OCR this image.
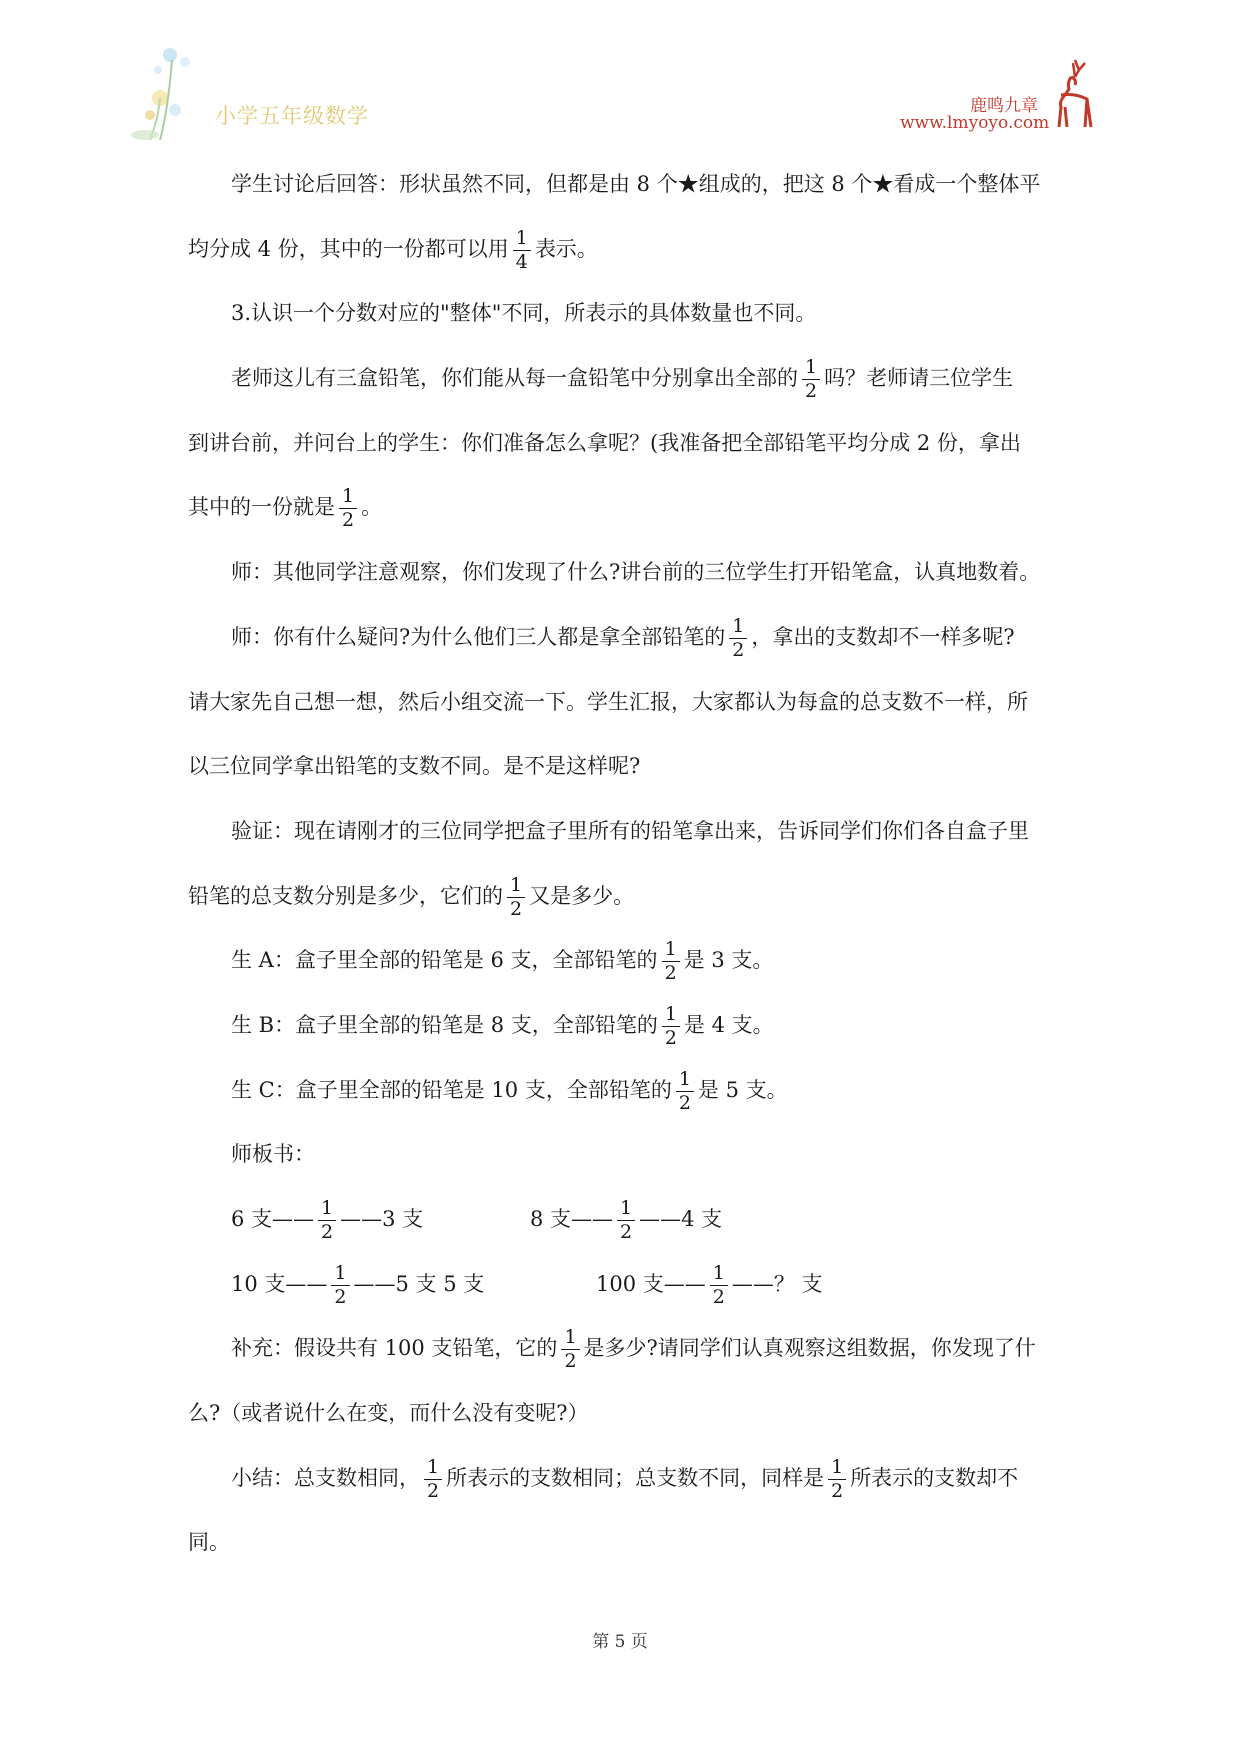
小学五年级数学	鹿鸣九章
www.lmyoyo.com
学生讨论后回答：形状虽然不同，但都是由 8 个★组成的，把这 8 个★看成一个整体平
均分成 4 份，其中的一份都可以用 $\frac{1}{4}$ 表示。
3.认识一个分数对应的"整体"不同，所表示的具体数量也不同。
老师这儿有三盒铅笔，你们能从每一盒铅笔中分别拿出全部的 $\frac{1}{2}$ 吗？老师请三位学生
到讲台前，并问台上的学生：你们准备怎么拿呢？(我准备把全部铅笔平均分成 2 份，拿出
其中的一份就是 $\frac{1}{2}$ 。
师：其他同学注意观察，你们发现了什么?讲台前的三位学生打开铅笔盒，认真地数着。
师：你有什么疑问?为什么他们三人都是拿全部铅笔的 $\frac{1}{2}$ ，拿出的支数却不一样多呢?
请大家先自己想一想，然后小组交流一下。学生汇报，大家都认为每盒的总支数不一样，所
以三位同学拿出铅笔的支数不同。是不是这样呢?
验证：现在请刚才的三位同学把盒子里所有的铅笔拿出来，告诉同学们你们各自盒子里
铅笔的总支数分别是多少，它们的 $\frac{1}{2}$ 又是多少。
生 A：盒子里全部的铅笔是 6 支，全部铅笔的 $\frac{1}{2}$ 是 3 支。
生 B：盒子里全部的铅笔是 8 支，全部铅笔的 $\frac{1}{2}$ 是 4 支。
生 C：盒子里全部的铅笔是 10 支，全部铅笔的 $\frac{1}{2}$ 是 5 支。
师板书：
6 支—— $\frac{1}{2}$ ——3 支	8 支—— $\frac{1}{2}$ ——4 支
10 支—— $\frac{1}{2}$ ——5 支 5 支	100 支—— $\frac{1}{2}$ ——？ 支
补充：假设共有 100 支铅笔，它的 $\frac{1}{2}$ 是多少?请同学们认真观察这组数据，你发现了什
么?（或者说什么在变，而什么没有变呢?）
小结：总支数相同， $\frac{1}{2}$ 所表示的支数相同；总支数不同，同样是 $\frac{1}{2}$ 所表示的支数却不
同。
第 5 页
